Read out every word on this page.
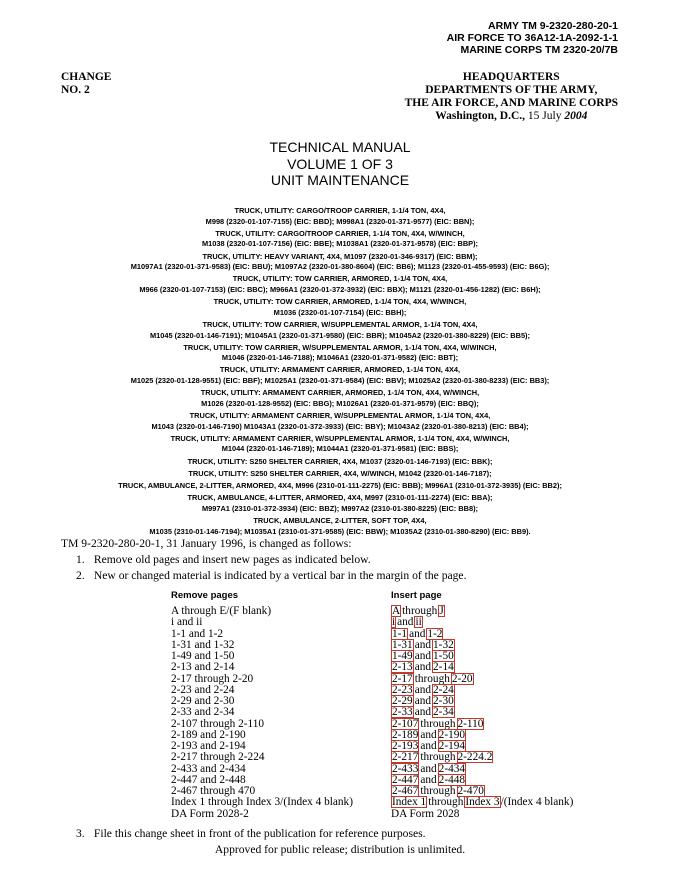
ARMY TM 9-2320-280-20-1
AIR FORCE TO 36A12-1A-2092-1-1
MARINE CORPS TM 2320-20/7B
CHANGE
NO. 2
HEADQUARTERS
DEPARTMENTS OF THE ARMY,
THE AIR FORCE, AND MARINE CORPS
Washington, D.C., 15 July 2004
TECHNICAL MANUAL
VOLUME 1 OF 3
UNIT MAINTENANCE
TRUCK, UTILITY: CARGO/TROOP CARRIER, 1-1/4 TON, 4X4,
M998 (2320-01-107-7155) (EIC: BBD); M998A1 (2320-01-371-9577) (EIC: BBN);
TRUCK, UTILITY: CARGO/TROOP CARRIER, 1-1/4 TON, 4X4, W/WINCH,
M1038 (2320-01-107-7156) (EIC: BBE); M1038A1 (2320-01-371-9578) (EIC: BBP);
TRUCK, UTILITY: HEAVY VARIANT, 4X4, M1097 (2320-01-346-9317) (EIC: BBM);
M1097A1 (2320-01-371-9583) (EIC: BBU); M1097A2 (2320-01-380-8604) (EIC: BB6); M1123 (2320-01-455-9593) (EIC: B6G);
TRUCK, UTILITY: TOW CARRIER, ARMORED, 1-1/4 TON, 4X4,
M966 (2320-01-107-7153) (EIC: BBC); M966A1 (2320-01-372-3932) (EIC: BBX); M1121 (2320-01-456-1282) (EIC: B6H);
TRUCK, UTILITY: TOW CARRIER, ARMORED, 1-1/4 TON, 4X4, W/WINCH,
M1036 (2320-01-107-7154) (EIC: BBH);
TRUCK, UTILITY: TOW CARRIER, W/SUPPLEMENTAL ARMOR, 1-1/4 TON, 4X4,
M1045 (2320-01-146-7191); M1045A1 (2320-01-371-9580) (EIC: BBR); M1045A2 (2320-01-380-8229) (EIC: BB5);
TRUCK, UTILITY: TOW CARRIER, W/SUPPLEMENTAL ARMOR, 1-1/4 TON, 4X4, W/WINCH,
M1046 (2320-01-146-7188); M1046A1 (2320-01-371-9582) (EIC: BBT);
TRUCK, UTILITY: ARMAMENT CARRIER, ARMORED, 1-1/4 TON, 4X4,
M1025 (2320-01-128-9551) (EIC: BBF); M1025A1 (2320-01-371-9584) (EIC: BBV); M1025A2 (2320-01-380-8233) (EIC: BB3);
TRUCK, UTILITY: ARMAMENT CARRIER, ARMORED, 1-1/4 TON, 4X4, W/WINCH,
M1026 (2320-01-128-9552) (EIC: BBG); M1026A1 (2320-01-371-9579) (EIC: BBQ);
TRUCK, UTILITY: ARMAMENT CARRIER, W/SUPPLEMENTAL ARMOR, 1-1/4 TON, 4X4,
M1043 (2320-01-146-7190) M1043A1 (2320-01-372-3933) (EIC: BBY); M1043A2 (2320-01-380-8213) (EIC: BB4);
TRUCK, UTILITY: ARMAMENT CARRIER, W/SUPPLEMENTAL ARMOR, 1-1/4 TON, 4X4, W/WINCH,
M1044 (2320-01-146-7189); M1044A1 (2320-01-371-9581) (EIC: BBS);
TRUCK, UTILITY: S250 SHELTER CARRIER, 4X4, M1037 (2320-01-146-7193) (EIC: BBK);
TRUCK, UTILITY: S250 SHELTER CARRIER, 4X4, W/WINCH, M1042 (2320-01-146-7187);
TRUCK, AMBULANCE, 2-LITTER, ARMORED, 4X4, M996 (2310-01-111-2275) (EIC: BBB); M996A1 (2310-01-372-3935) (EIC: BB2);
TRUCK, AMBULANCE, 4-LITTER, ARMORED, 4X4, M997 (2310-01-111-2274) (EIC: BBA);
M997A1 (2310-01-372-3934) (EIC: BBZ); M997A2 (2310-01-380-8225) (EIC: BB8);
TRUCK, AMBULANCE, 2-LITTER, SOFT TOP, 4X4,
M1035 (2310-01-146-7194); M1035A1 (2310-01-371-9585) (EIC: BBW); M1035A2 (2310-01-380-8290) (EIC: BB9).
TM 9-2320-280-20-1, 31 January 1996, is changed as follows:
1. Remove old pages and insert new pages as indicated below.
2. New or changed material is indicated by a vertical bar in the margin of the page.
Remove pages	Insert page
A through E/(F blank)
i and ii
1-1 and 1-2
1-31 and 1-32
1-49 and 1-50
2-13 and 2-14
2-17 through 2-20
2-23 and 2-24
2-29 and 2-30
2-33 and 2-34
2-107 through 2-110
2-189 and 2-190
2-193 and 2-194
2-217 through 2-224
2-433 and 2-434
2-447 and 2-448
2-467 through 470
Index 1 through Index 3/(Index 4 blank)
DA Form 2028-2
A through J
i and ii
1-1 and 1-2
1-31 and 1-32
1-49 and 1-50
2-13 and 2-14
2-17 through 2-20
2-23 and 2-24
2-29 and 2-30
2-33 and 2-34
2-107 through 2-110
2-189 and 2-190
2-193 and 2-194
2-217 through 2-224.2
2-433 and 2-434
2-447 and 2-448
2-467 through 2-470
Index 1 through Index 3/(Index 4 blank)
DA Form 2028
3. File this change sheet in front of the publication for reference purposes.
Approved for public release; distribution is unlimited.
